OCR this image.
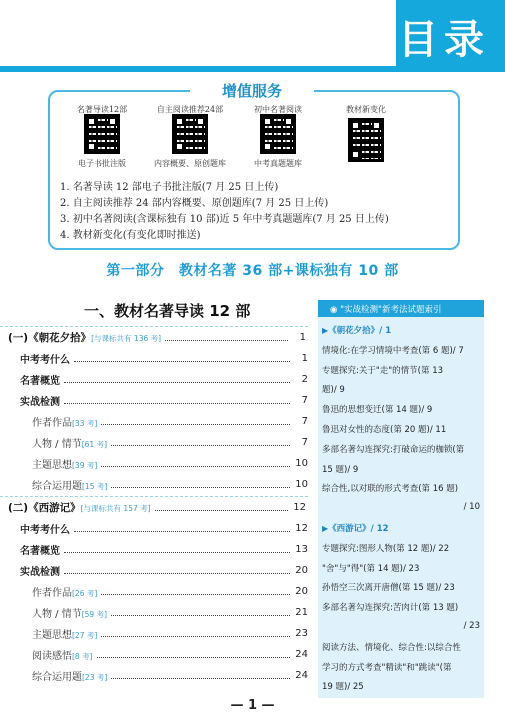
目录
增值服务
名著导读12部
电子书批注版
自主阅读推荐24部
内容概要、原创题库
初中名著阅读
中考真题题库
教材新变化
1. 名著导读 12 部电子书批注版(7 月 25 日上传)
2. 自主阅读推荐 24 部内容概要、原创题库(7 月 25 日上传)
3. 初中名著阅读(含课标独有 10 部)近 5 年中考真题题库(7 月 25 日上传)
4. 教材新变化(有变化即时推送)
第一部分　教材名著 36 部+课标独有 10 部
一、教材名著导读 12 部
(一)《朝花夕拾》[与课标共有 136 考]	1
中考考什么	1
名著概览	2
实战检测	7
作者作品[33 考]	7
人物 / 情节[61 考]	7
主题思想[39 考]	10
综合运用题[15 考]	10
(二)《西游记》[与课标共有 157 考]	12
中考考什么	12
名著概览	13
实战检测	20
作者作品[26 考]	20
人物 / 情节[59 考]	21
主题思想[27 考]	23
阅读感悟[8 考]	24
综合运用题[23 考]	24
◉ "实战检测"新考法试题索引
▶《朝花夕拾》/ 1
情境化:在学习情境中考查(第 6 题)/ 7
专题探究:关于"走"的情节(第 13
题)/ 9
鲁迅的思想变迁(第 14 题)/ 9
鲁迅对女性的态度(第 20 题)/ 11
多部名著勾连探究:打破命运的枷锁(第
15 题)/ 9
综合性,以对联的形式考查(第 16 题)
/ 10
▶《西游记》/ 12
专题探究:图形人物(第 12 题)/ 22
"舍"与"得"(第 14 题)/ 23
孙悟空三次离开唐僧(第 15 题)/ 23
多部名著勾连探究:苦肉计(第 13 题)
/ 23
阅读方法、情境化、综合性:以综合性
学习的方式考查"精读"和"跳读"(第
19 题)/ 25
— 1 —
